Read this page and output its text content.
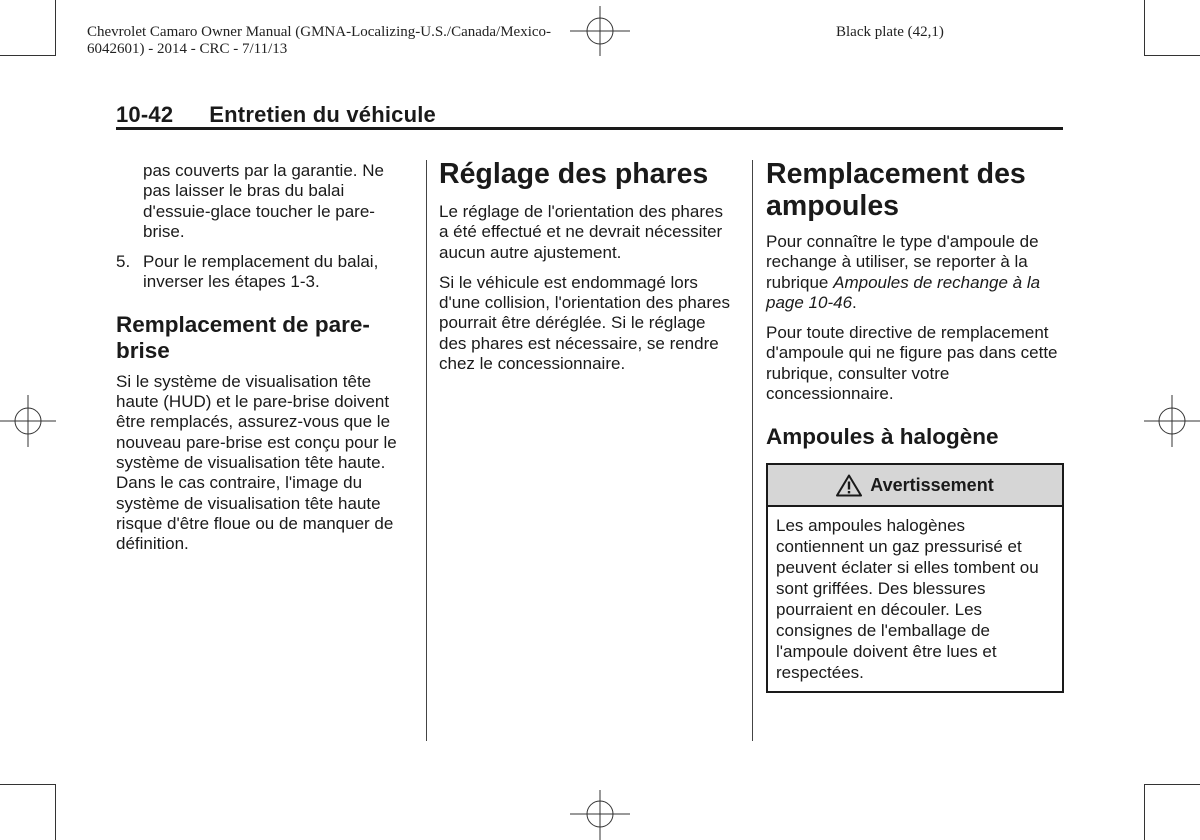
Chevrolet Camaro Owner Manual (GMNA-Localizing-U.S./Canada/Mexico-
6042601) - 2014 - CRC - 7/11/13
Black plate (42,1)
10-42 Entretien du véhicule

pas couverts par la garantie. Ne pas laisser le bras du balai d'essuie-glace toucher le pare-brise.

5. Pour le remplacement du balai, inverser les étapes 1-3.

Remplacement de pare-brise

Si le système de visualisation tête haute (HUD) et le pare-brise doivent être remplacés, assurez-vous que le nouveau pare-brise est conçu pour le système de visualisation tête haute. Dans le cas contraire, l'image du système de visualisation tête haute risque d'être floue ou de manquer de définition.

Réglage des phares

Le réglage de l'orientation des phares a été effectué et ne devrait nécessiter aucun autre ajustement.

Si le véhicule est endommagé lors d'une collision, l'orientation des phares pourrait être déréglée. Si le réglage des phares est nécessaire, se rendre chez le concessionnaire.

Remplacement des ampoules

Pour connaître le type d'ampoule de rechange à utiliser, se reporter à la rubrique Ampoules de rechange à la page 10-46.

Pour toute directive de remplacement d'ampoule qui ne figure pas dans cette rubrique, consulter votre concessionnaire.

Ampoules à halogène
Avertissement
Les ampoules halogènes contiennent un gaz pressurisé et peuvent éclater si elles tombent ou sont griffées. Des blessures pourraient en découler. Les consignes de l'emballage de l'ampoule doivent être lues et respectées.
